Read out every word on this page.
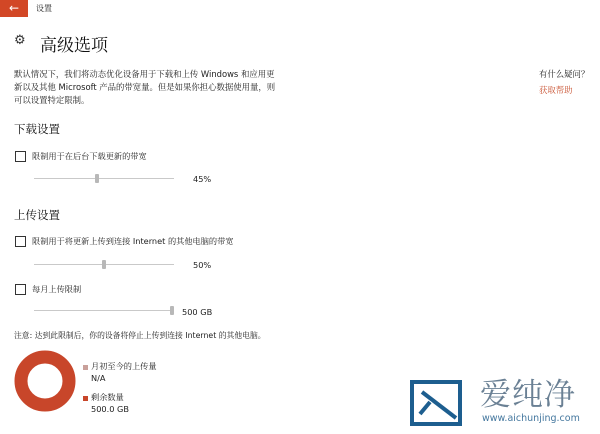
←	设置
⚙ 高级选项
默认情况下，我们将动态优化设备用于下载和上传 Windows 和应用更新以及其他 Microsoft 产品的带宽量。但是如果你担心数据使用量，则可以设置特定限制。
有什么疑问？
获取帮助
下载设置
限制用于在后台下载更新的带宽
45%
上传设置
限制用于将更新上传到连接 Internet 的其他电脑的带宽
50%
每月上传限制
500 GB
注意: 达到此限制后，你的设备将停止上传到连接 Internet 的其他电脑。
月初至今的上传量
N/A
剩余数量
500.0 GB	爱纯净
www.aichunjing.com
